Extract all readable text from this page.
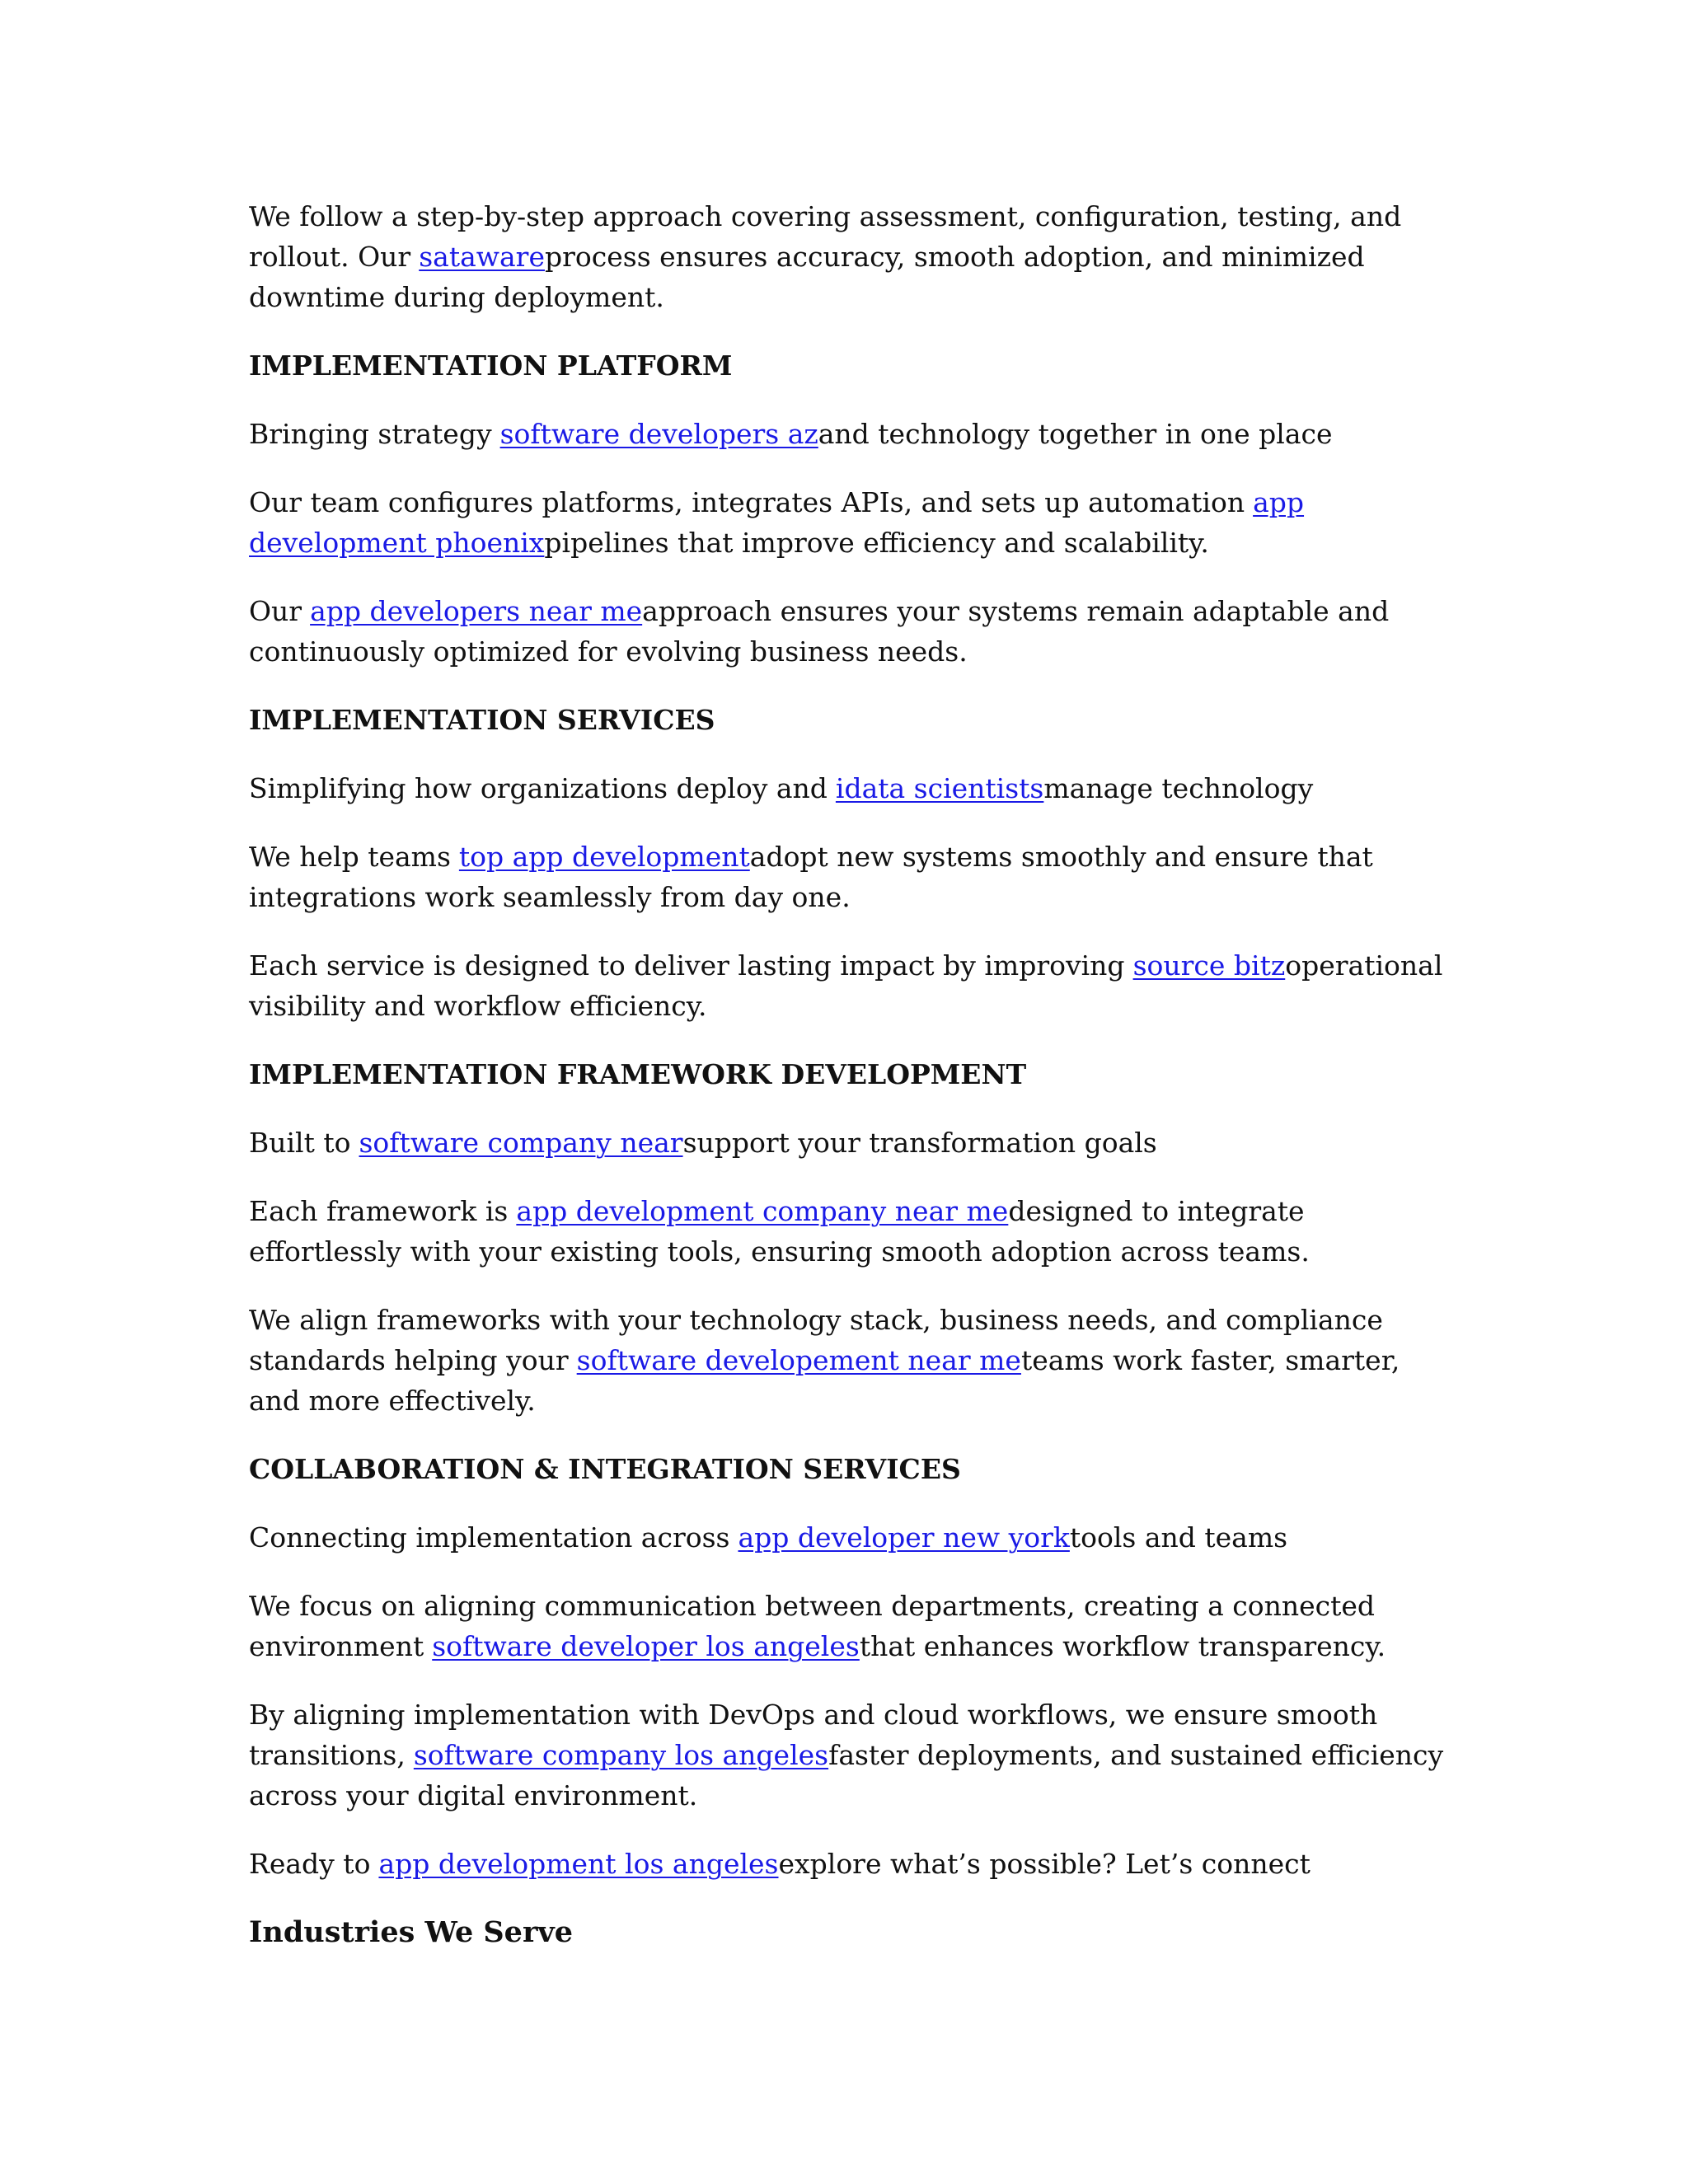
We follow a step-by-step approach covering assessment, configuration, testing, and rollout. Our satawareprocess ensures accuracy, smooth adoption, and minimized downtime during deployment.

IMPLEMENTATION PLATFORM

Bringing strategy software developers azand technology together in one place

Our team configures platforms, integrates APIs, and sets up automation app development phoenixpipelines that improve efficiency and scalability.

Our app developers near meapproach ensures your systems remain adaptable and continuously optimized for evolving business needs.

IMPLEMENTATION SERVICES

Simplifying how organizations deploy and idata scientistsmanage technology

We help teams top app developmentadopt new systems smoothly and ensure that integrations work seamlessly from day one.

Each service is designed to deliver lasting impact by improving source bitzoperational visibility and workflow efficiency.

IMPLEMENTATION FRAMEWORK DEVELOPMENT

Built to software company nearsupport your transformation goals

Each framework is app development company near medesigned to integrate effortlessly with your existing tools, ensuring smooth adoption across teams.

We align frameworks with your technology stack, business needs, and compliance standards helping your software developement near meteams work faster, smarter, and more effectively.

COLLABORATION & INTEGRATION SERVICES

Connecting implementation across app developer new yorktools and teams

We focus on aligning communication between departments, creating a connected environment software developer los angelesthat enhances workflow transparency.

By aligning implementation with DevOps and cloud workflows, we ensure smooth transitions, software company los angelesfaster deployments, and sustained efficiency across your digital environment.

Ready to app development los angelesexplore what’s possible? Let’s connect

Industries We Serve
